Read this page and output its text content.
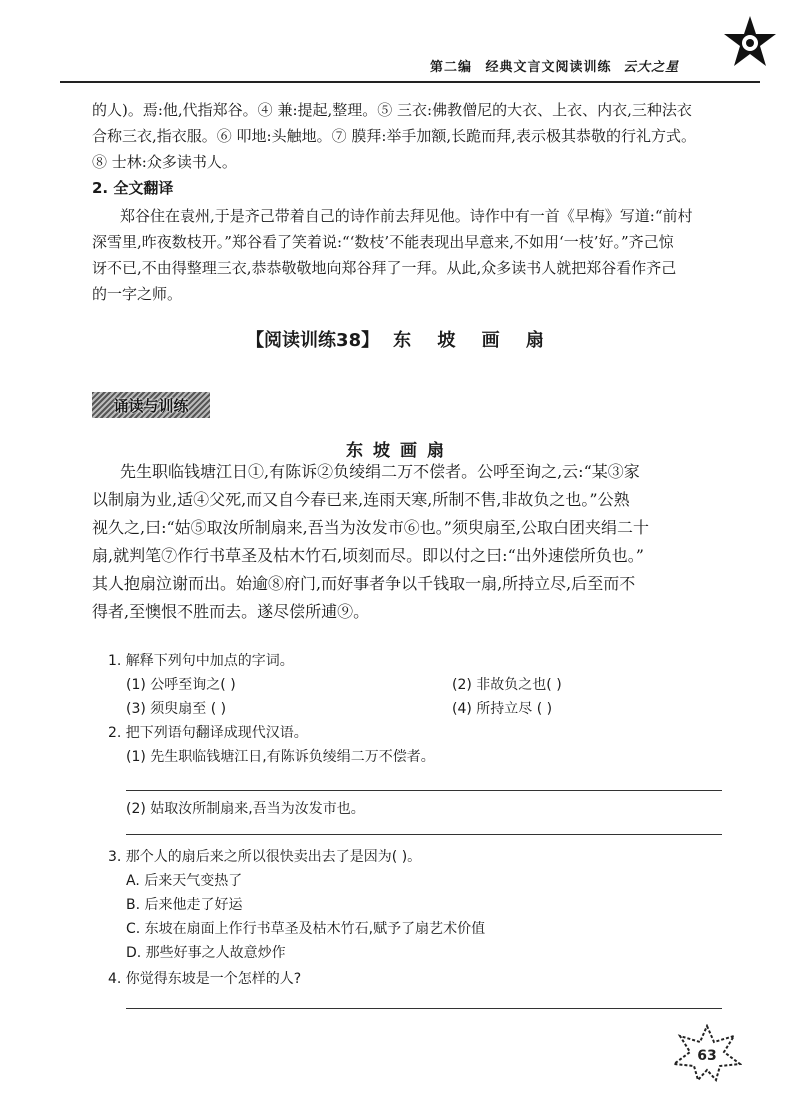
第二编 经典文言文阅读训练 云大之星
的人)。焉:他,代指郑谷。④ 兼:提起,整理。⑤ 三衣:佛教僧尼的大衣、上衣、内衣,三种法衣
合称三衣,指衣服。⑥ 叩地:头触地。⑦ 膜拜:举手加额,长跪而拜,表示极其恭敬的行礼方式。
⑧ 士林:众多读书人。
2. 全文翻译
郑谷住在袁州,于是齐己带着自己的诗作前去拜见他。诗作中有一首《早梅》写道:“前村
深雪里,昨夜数枝开。”郑谷看了笑着说:“‘数枝’不能表现出早意来,不如用‘一枝’好。”齐己惊
讶不已,不由得整理三衣,恭恭敬敬地向郑谷拜了一拜。从此,众多读书人就把郑谷看作齐己
的一字之师。
【阅读训练38】 东 坡 画 扇
诵读与训练
东坡画扇
先生职临钱塘江日①,有陈诉②负绫绢二万不偿者。公呼至询之,云:“某③家
以制扇为业,适④父死,而又自今春已来,连雨天寒,所制不售,非故负之也。”公熟
视久之,曰:“姑⑤取汝所制扇来,吾当为汝发市⑥也。”须臾扇至,公取白团夹绢二十
扇,就判笔⑦作行书草圣及枯木竹石,顷刻而尽。即以付之曰:“出外速偿所负也。”
其人抱扇泣谢而出。始逾⑧府门,而好事者争以千钱取一扇,所持立尽,后至而不
得者,至懊恨不胜而去。遂尽偿所逋⑨。
1. 解释下列句中加点的字词。
(1) 公呼至询之( )	(2) 非故负之也( )
(3) 须臾扇至 ( )	(4) 所持立尽 ( )
2. 把下列语句翻译成现代汉语。
(1) 先生职临钱塘江日,有陈诉负绫绢二万不偿者。
(2) 姑取汝所制扇来,吾当为汝发市也。
3. 那个人的扇后来之所以很快卖出去了是因为( )。
A. 后来天气变热了
B. 后来他走了好运
C. 东坡在扇面上作行书草圣及枯木竹石,赋予了扇艺术价值
D. 那些好事之人故意炒作
4. 你觉得东坡是一个怎样的人?
63
